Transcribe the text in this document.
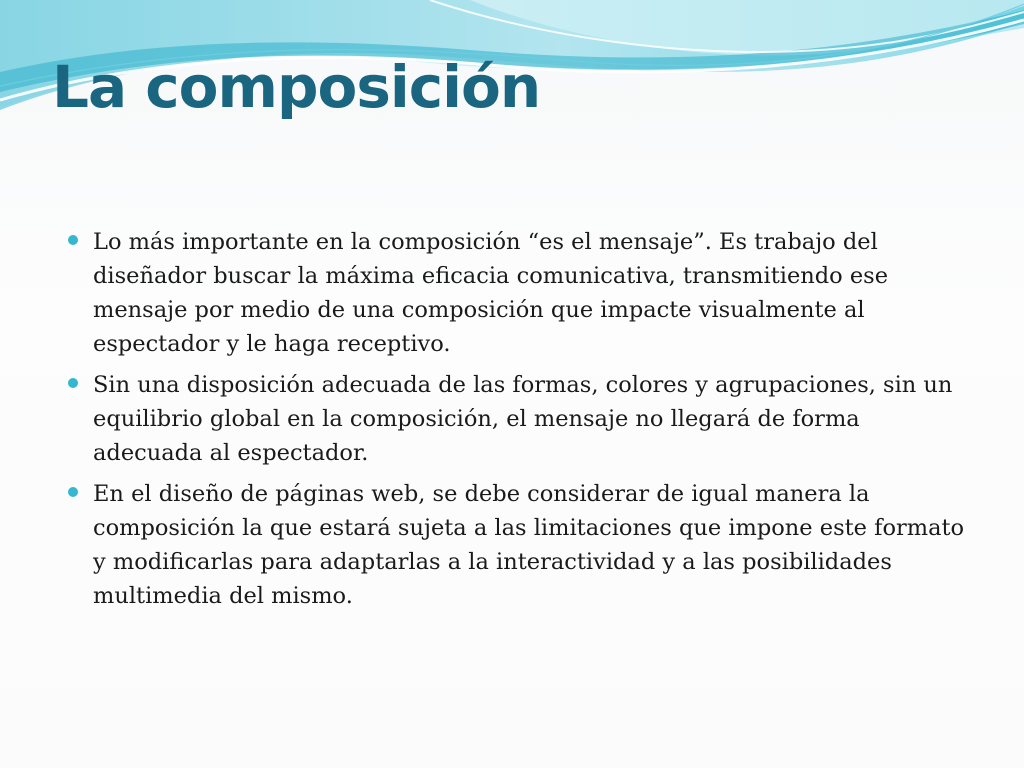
La composición
Lo más importante en la composición “es el mensaje”. Es trabajo del diseñador buscar la máxima eficacia comunicativa, transmitiendo ese mensaje por medio de una composición que impacte visualmente al espectador y le haga receptivo.
Sin una disposición adecuada de las formas, colores y agrupaciones, sin un equilibrio global en la composición, el mensaje no llegará de forma adecuada al espectador.
En el diseño de páginas web, se debe considerar de igual manera la composición la que estará sujeta a las limitaciones que impone este formato y modificarlas para adaptarlas a la interactividad y a las posibilidades multimedia del mismo.
